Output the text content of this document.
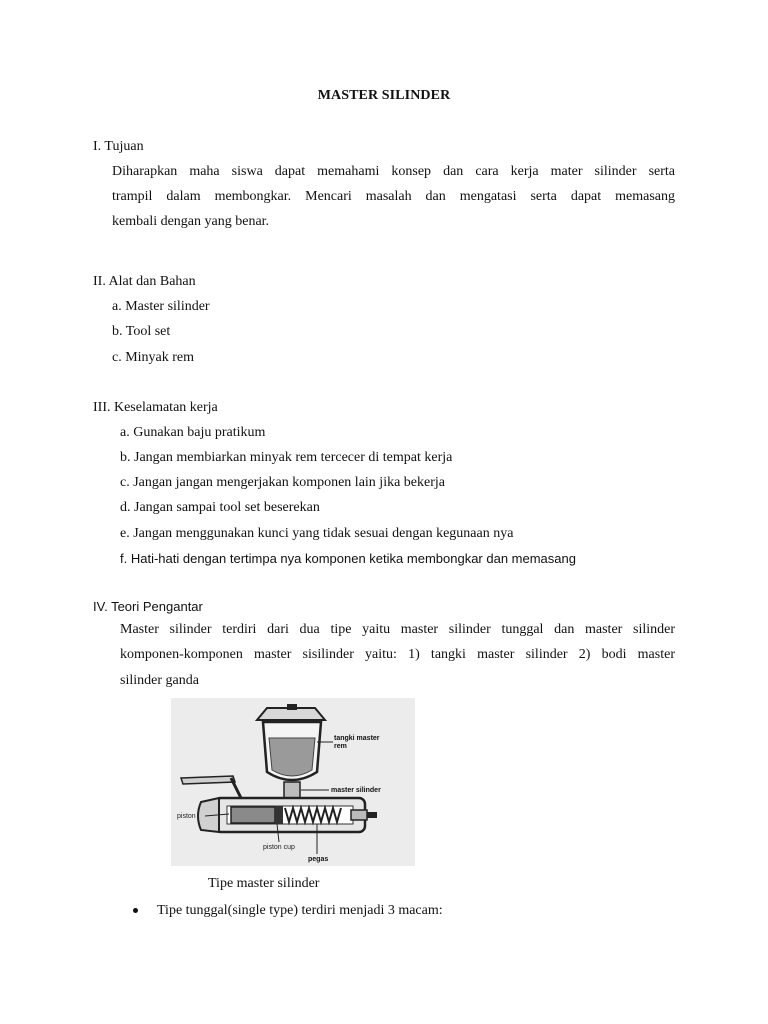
MASTER SILINDER
I. Tujuan
Diharapkan maha siswa dapat memahami konsep dan cara kerja mater silinder serta
trampil dalam membongkar. Mencari masalah dan mengatasi serta dapat memasang
kembali dengan yang benar.
II. Alat dan Bahan
a. Master silinder
b. Tool set
c. Minyak rem
III. Keselamatan kerja
a. Gunakan baju pratikum
b. Jangan membiarkan minyak rem tercecer di tempat kerja
c. Jangan jangan mengerjakan komponen lain jika bekerja
d. Jangan sampai tool set beserekan
e. Jangan menggunakan kunci yang tidak sesuai dengan kegunaan nya
f. Hati-hati dengan tertimpa nya komponen ketika membongkar dan memasang
IV. Teori Pengantar
Master silinder terdiri dari dua tipe yaitu master silinder tunggal dan master silinder
komponen-komponen master sisilinder yaitu: 1) tangki master silinder 2) bodi master
silinder ganda
tangki master
rem
master silinder
piston
piston cup
pegas
Tipe master silinder
Tipe tunggal(single type) terdiri menjadi 3 macam:
